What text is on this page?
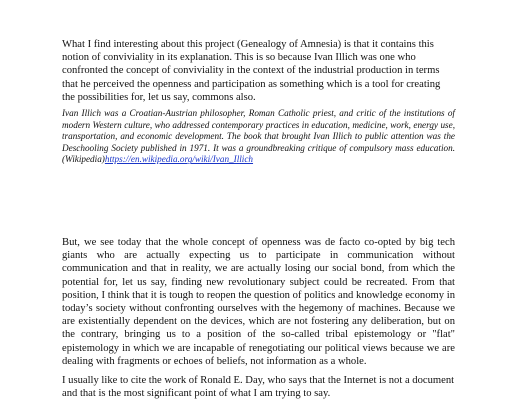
What I find interesting about this project (Genealogy of Amnesia) is that it contains this notion of conviviality in its explanation. This is so because Ivan Illich was one who confronted the concept of conviviality in the context of the industrial production in terms that he perceived the openness and participation as something which is a tool for creating the possibilities for, let us say, commons also.

Ivan Illich was a Croatian-Austrian philosopher, Roman Catholic priest, and critic of the institutions of modern Western culture, who addressed contemporary practices in education, medicine, work, energy use, transportation, and economic development. The book that brought Ivan Illich to public attention was the Deschooling Society published in 1971. It was a groundbreaking critique of compulsory mass education. (Wikipedia)https://en.wikipedia.org/wiki/Ivan_Illich

But, we see today that the whole concept of openness was de facto co-opted by big tech giants who are actually expecting us to participate in communication without communication and that in reality, we are actually losing our social bond, from which the potential for, let us say, finding new revolutionary subject could be recreated. From that position, I think that it is tough to reopen the question of politics and knowledge economy in today’s society without confronting ourselves with the hegemony of machines. Because we are existentially dependent on the devices, which are not fostering any deliberation, but on the contrary, bringing us to a position of the so-called tribal epistemology or "flat" epistemology in which we are incapable of renegotiating our political views because we are dealing with fragments or echoes of beliefs, not information as a whole.

I usually like to cite the work of Ronald E. Day, who says that the Internet is not a document and that is the most significant point of what I am trying to say.
